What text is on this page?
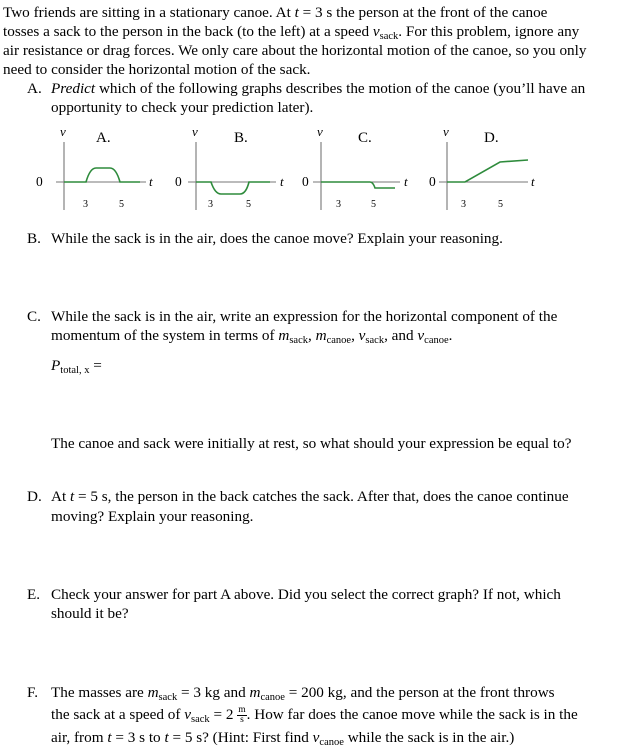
Two friends are sitting in a stationary canoe. At t = 3 s the person at the front of the canoe

tosses a sack to the person in the back (to the left) at a speed $v_{sack}$. For this problem, ignore any

air resistance or drag forces. We only care about the horizontal motion of the canoe, so you only

need to consider the horizontal motion of the sack.

A. Predict which of the following graphs describes the motion of the canoe (you’ll have an

opportunity to check your prediction later).

v A.
t
0
3	5
v B.
t
0
3	5
v C.
t
0
3	5
v D.
t
0
3	5

B. While the sack is in the air, does the canoe move? Explain your reasoning.

C. While the sack is in the air, write an expression for the horizontal component of the

momentum of the system in terms of $m_{sack}$, $m_{canoe}$, $v_{sack}$, and $v_{canoe}$.

$P_{total, x}$ =

The canoe and sack were initially at rest, so what should your expression be equal to?

D. At t = 5 s, the person in the back catches the sack. After that, does the canoe continue

moving? Explain your reasoning.

E. Check your answer for part A above. Did you select the correct graph? If not, which

should it be?

F. The masses are $m_{sack} = 3$ kg and $m_{canoe} = 200$ kg, and the person at the front throws

the sack at a speed of $v_{sack} = 2 \frac{m}{s}$ . How far does the canoe move while the sack is in the

air, from t = 3 s to t = 5 s? (Hint: First find $v_{canoe}$ while the sack is in the air.)
